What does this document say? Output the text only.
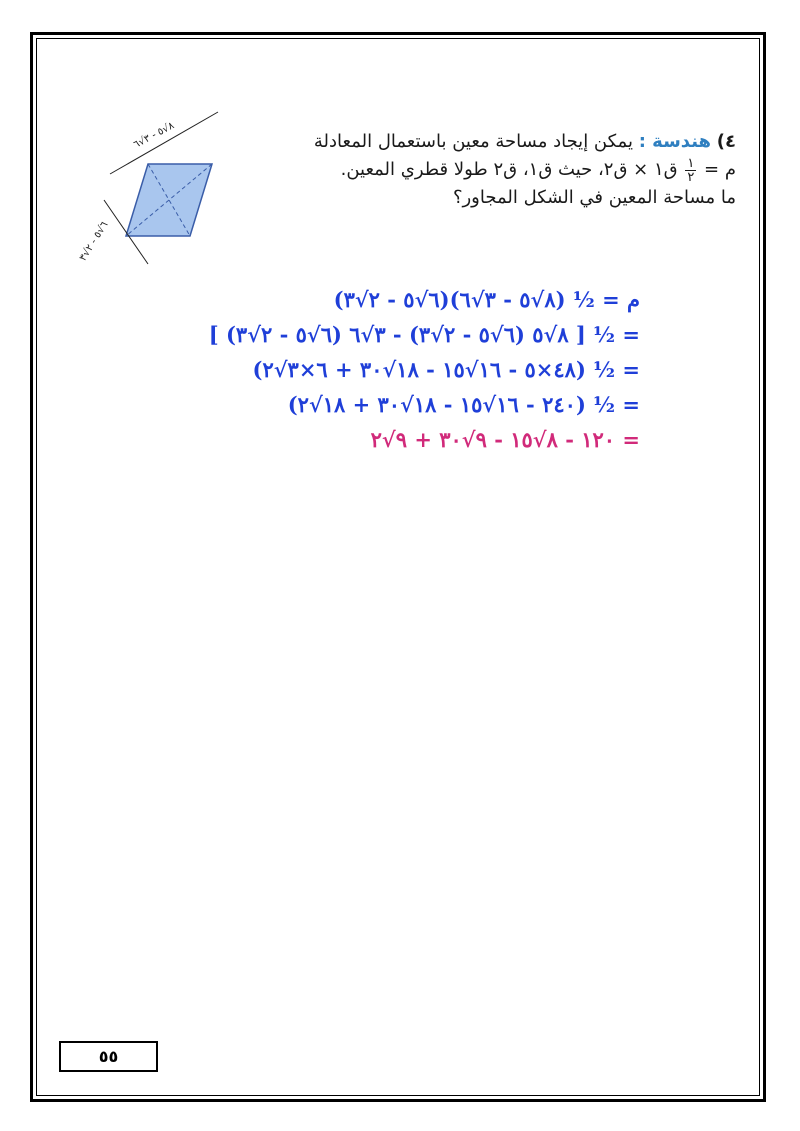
٤) هندسة : يمكن إيجاد مساحة معين باستعمال المعادلة
م =
$\frac{١}{٢}$
ق١ × ق٢، حيث ق١، ق٢ طولا قطري المعين.
ما مساحة المعين في الشكل المجاور؟
٨√٥ - ٣√٦
٦√٥ - ٢√٣
م = ½ (٨√٥ - ٣√٦)(٦√٥ - ٢√٣)
= ½ [ ٨√٥ (٦√٥ - ٢√٣) - ٣√٦ (٦√٥ - ٢√٣) ]
= ½ (٤٨×٥ - ١٦√١٥ - ١٨√٣٠ + ٦×٣√٢)
= ½ (٢٤٠ - ١٦√١٥ - ١٨√٣٠ + ١٨√٢)
= ١٢٠ - ٨√١٥ - ٩√٣٠ + ٩√٢
٥٥
